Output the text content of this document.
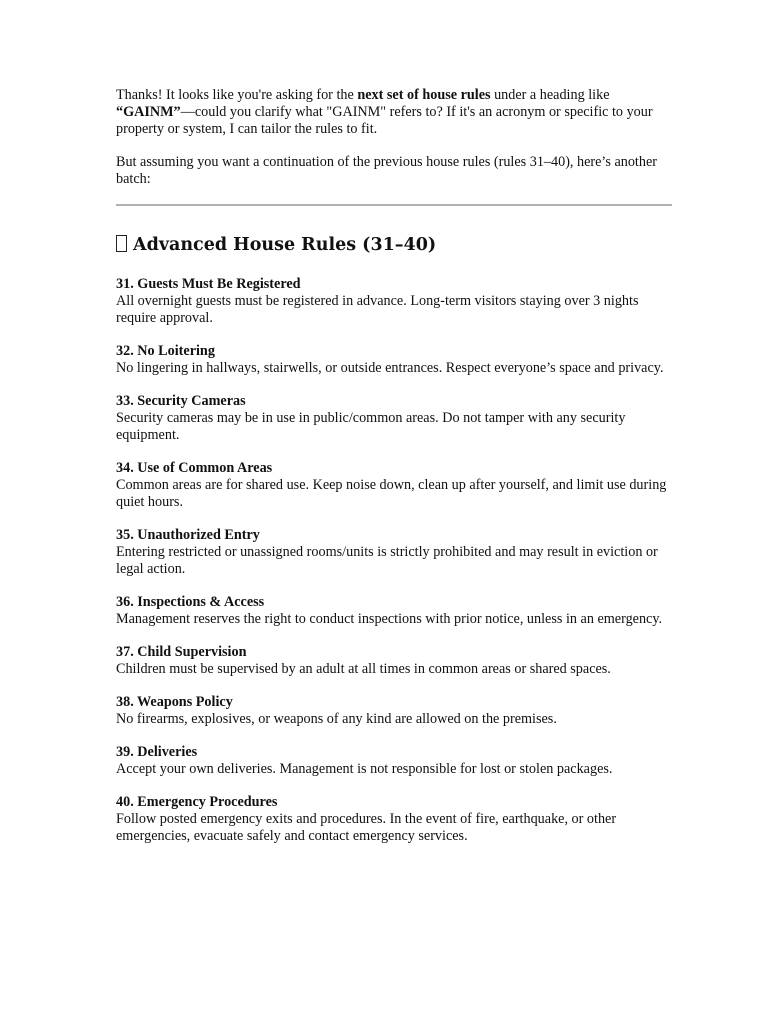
Thanks! It looks like you're asking for the next set of house rules under a heading like “GAINM”—could you clarify what "GAINM" refers to? If it's an acronym or specific to your property or system, I can tailor the rules to fit.

But assuming you want a continuation of the previous house rules (rules 31–40), here’s another batch:

Advanced House Rules (31–40)
31. Guests Must Be Registered
All overnight guests must be registered in advance. Long-term visitors staying over 3 nights require approval.
32. No Loitering
No lingering in hallways, stairwells, or outside entrances. Respect everyone’s space and privacy.
33. Security Cameras
Security cameras may be in use in public/common areas. Do not tamper with any security equipment.
34. Use of Common Areas
Common areas are for shared use. Keep noise down, clean up after yourself, and limit use during quiet hours.
35. Unauthorized Entry
Entering restricted or unassigned rooms/units is strictly prohibited and may result in eviction or legal action.
36. Inspections & Access
Management reserves the right to conduct inspections with prior notice, unless in an emergency.
37. Child Supervision
Children must be supervised by an adult at all times in common areas or shared spaces.
38. Weapons Policy
No firearms, explosives, or weapons of any kind are allowed on the premises.
39. Deliveries
Accept your own deliveries. Management is not responsible for lost or stolen packages.
40. Emergency Procedures
Follow posted emergency exits and procedures. In the event of fire, earthquake, or other emergencies, evacuate safely and contact emergency services.
